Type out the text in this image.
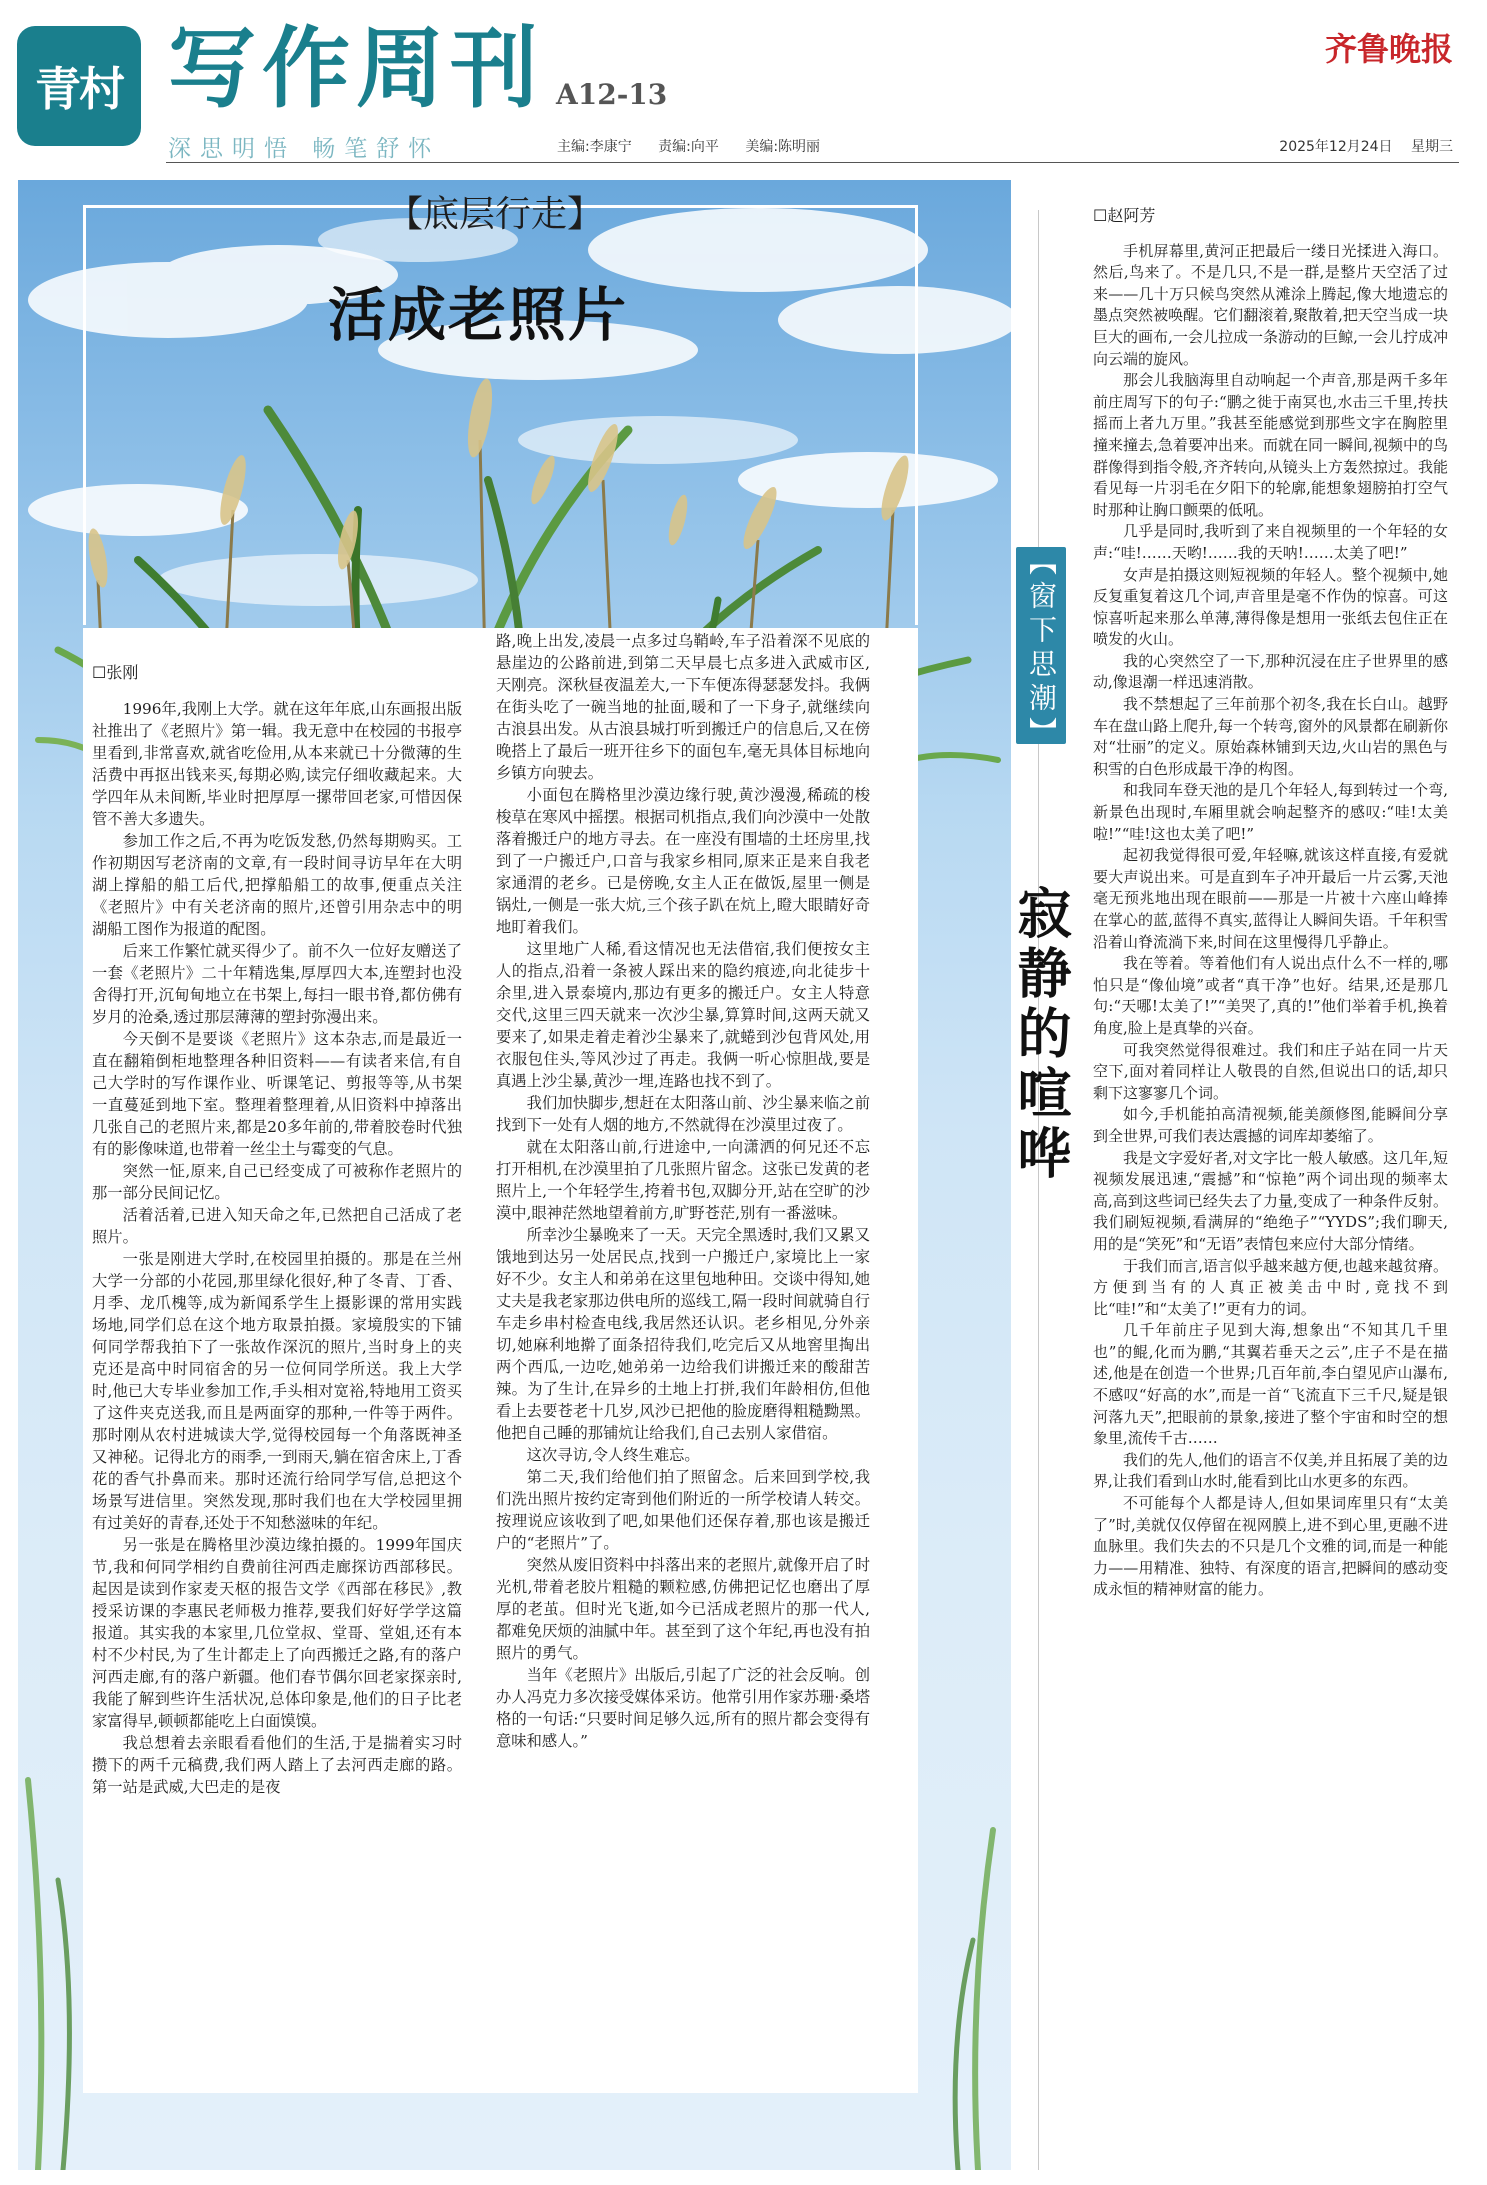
青村 写作周刊 A12-13
齐鲁晚报
深思明悟 畅笔舒怀	主编:李康宁 责编:向平 美编:陈明丽	2025年12月24日 星期三
【底层行走】
活成老照片

☐张刚

1996年,我刚上大学。就在这年年底,山东画报出版社推出了《老照片》第一辑。我无意中在校园的书报亭里看到,非常喜欢,就省吃俭用,从本来就已十分微薄的生活费中再抠出钱来买,每期必购,读完仔细收藏起来。大学四年从未间断,毕业时把厚厚一摞带回老家,可惜因保管不善大多遗失。

参加工作之后,不再为吃饭发愁,仍然每期购买。工作初期因写老济南的文章,有一段时间寻访早年在大明湖上撑船的船工后代,把撑船船工的故事,便重点关注《老照片》中有关老济南的照片,还曾引用杂志中的明湖船工图作为报道的配图。

后来工作繁忙就买得少了。前不久一位好友赠送了一套《老照片》二十年精选集,厚厚四大本,连塑封也没舍得打开,沉甸甸地立在书架上,每扫一眼书脊,都仿佛有岁月的沧桑,透过那层薄薄的塑封弥漫出来。

今天倒不是要谈《老照片》这本杂志,而是最近一直在翻箱倒柜地整理各种旧资料——有读者来信,有自己大学时的写作课作业、听课笔记、剪报等等,从书架一直蔓延到地下室。整理着整理着,从旧资料中掉落出几张自己的老照片来,都是20多年前的,带着胶卷时代独有的影像味道,也带着一丝尘土与霉变的气息。

突然一怔,原来,自己已经变成了可被称作老照片的那一部分民间记忆。

活着活着,已进入知天命之年,已然把自己活成了老照片。

一张是刚进大学时,在校园里拍摄的。那是在兰州大学一分部的小花园,那里绿化很好,种了冬青、丁香、月季、龙爪槐等,成为新闻系学生上摄影课的常用实践场地,同学们总在这个地方取景拍摄。家境殷实的下铺何同学帮我拍下了一张故作深沉的照片,当时身上的夹克还是高中时同宿舍的另一位何同学所送。我上大学时,他已大专毕业参加工作,手头相对宽裕,特地用工资买了这件夹克送我,而且是两面穿的那种,一件等于两件。那时刚从农村进城读大学,觉得校园每一个角落既神圣又神秘。记得北方的雨季,一到雨天,躺在宿舍床上,丁香花的香气扑鼻而来。那时还流行给同学写信,总把这个场景写进信里。突然发现,那时我们也在大学校园里拥有过美好的青春,还处于不知愁滋味的年纪。

另一张是在腾格里沙漠边缘拍摄的。1999年国庆节,我和何同学相约自费前往河西走廊探访西部移民。起因是读到作家麦天枢的报告文学《西部在移民》,教授采访课的李惠民老师极力推荐,要我们好好学学这篇报道。其实我的本家里,几位堂叔、堂哥、堂姐,还有本村不少村民,为了生计都走上了向西搬迁之路,有的落户河西走廊,有的落户新疆。他们春节偶尔回老家探亲时,我能了解到些许生活状况,总体印象是,他们的日子比老家富得早,顿顿都能吃上白面馍馍。

我总想着去亲眼看看他们的生活,于是揣着实习时攒下的两千元稿费,我们两人踏上了去河西走廊的路。第一站是武威,大巴走的是夜

路,晚上出发,凌晨一点多过乌鞘岭,车子沿着深不见底的悬崖边的公路前进,到第二天早晨七点多进入武威市区,天刚亮。深秋昼夜温差大,一下车便冻得瑟瑟发抖。我俩在街头吃了一碗当地的扯面,暖和了一下身子,就继续向古浪县出发。从古浪县城打听到搬迁户的信息后,又在傍晚搭上了最后一班开往乡下的面包车,毫无具体目标地向乡镇方向驶去。

小面包在腾格里沙漠边缘行驶,黄沙漫漫,稀疏的梭梭草在寒风中摇摆。根据司机指点,我们向沙漠中一处散落着搬迁户的地方寻去。在一座没有围墙的土坯房里,找到了一户搬迁户,口音与我家乡相同,原来正是来自我老家通渭的老乡。已是傍晚,女主人正在做饭,屋里一侧是锅灶,一侧是一张大炕,三个孩子趴在炕上,瞪大眼睛好奇地盯着我们。

这里地广人稀,看这情况也无法借宿,我们便按女主人的指点,沿着一条被人踩出来的隐约痕迹,向北徒步十余里,进入景泰境内,那边有更多的搬迁户。女主人特意交代,这里三四天就来一次沙尘暴,算算时间,这两天就又要来了,如果走着走着沙尘暴来了,就蜷到沙包背风处,用衣服包住头,等风沙过了再走。我俩一听心惊胆战,要是真遇上沙尘暴,黄沙一埋,连路也找不到了。

我们加快脚步,想赶在太阳落山前、沙尘暴来临之前找到下一处有人烟的地方,不然就得在沙漠里过夜了。

就在太阳落山前,行进途中,一向潇洒的何兄还不忘打开相机,在沙漠里拍了几张照片留念。这张已发黄的老照片上,一个年轻学生,挎着书包,双脚分开,站在空旷的沙漠中,眼神茫然地望着前方,旷野苍茫,别有一番滋味。

所幸沙尘暴晚来了一天。天完全黑透时,我们又累又饿地到达另一处居民点,找到一户搬迁户,家境比上一家好不少。女主人和弟弟在这里包地种田。交谈中得知,她丈夫是我老家那边供电所的巡线工,隔一段时间就骑自行车走乡串村检查电线,我居然还认识。老乡相见,分外亲切,她麻利地擀了面条招待我们,吃完后又从地窖里掏出两个西瓜,一边吃,她弟弟一边给我们讲搬迁来的酸甜苦辣。为了生计,在异乡的土地上打拼,我们年龄相仿,但他看上去要苍老十几岁,风沙已把他的脸庞磨得粗糙黝黑。他把自己睡的那铺炕让给我们,自己去别人家借宿。

这次寻访,令人终生难忘。

第二天,我们给他们拍了照留念。后来回到学校,我们洗出照片按约定寄到他们附近的一所学校请人转交。按理说应该收到了吧,如果他们还保存着,那也该是搬迁户的“老照片”了。

突然从废旧资料中抖落出来的老照片,就像开启了时光机,带着老胶片粗糙的颗粒感,仿佛把记忆也磨出了厚厚的老茧。但时光飞逝,如今已活成老照片的那一代人,都难免厌烦的油腻中年。甚至到了这个年纪,再也没有拍照片的勇气。

当年《老照片》出版后,引起了广泛的社会反响。创办人冯克力多次接受媒体采访。他常引用作家苏珊·桑塔格的一句话:“只要时间足够久远,所有的照片都会变得有意味和感人。”

【窗下思潮】
寂静的喧哗

☐赵阿芳

手机屏幕里,黄河正把最后一缕日光揉进入海口。然后,鸟来了。不是几只,不是一群,是整片天空活了过来——几十万只候鸟突然从滩涂上腾起,像大地遗忘的墨点突然被唤醒。它们翻滚着,聚散着,把天空当成一块巨大的画布,一会儿拉成一条游动的巨鲸,一会儿拧成冲向云端的旋风。

那会儿我脑海里自动响起一个声音,那是两千多年前庄周写下的句子:“鹏之徙于南冥也,水击三千里,抟扶摇而上者九万里。”我甚至能感觉到那些文字在胸腔里撞来撞去,急着要冲出来。而就在同一瞬间,视频中的鸟群像得到指令般,齐齐转向,从镜头上方轰然掠过。我能看见每一片羽毛在夕阳下的轮廓,能想象翅膀拍打空气时那种让胸口颤栗的低吼。

几乎是同时,我听到了来自视频里的一个年轻的女声:“哇!……天哟!……我的天呐!……太美了吧!”

女声是拍摄这则短视频的年轻人。整个视频中,她反复重复着这几个词,声音里是毫不作伪的惊喜。可这惊喜听起来那么单薄,薄得像是想用一张纸去包住正在喷发的火山。

我的心突然空了一下,那种沉浸在庄子世界里的感动,像退潮一样迅速消散。

我不禁想起了三年前那个初冬,我在长白山。越野车在盘山路上爬升,每一个转弯,窗外的风景都在刷新你对“壮丽”的定义。原始森林铺到天边,火山岩的黑色与积雪的白色形成最干净的构图。

和我同车登天池的是几个年轻人,每到转过一个弯,新景色出现时,车厢里就会响起整齐的感叹:“哇!太美啦!”“哇!这也太美了吧!”

起初我觉得很可爱,年轻嘛,就该这样直接,有爱就要大声说出来。可是直到车子冲开最后一片云雾,天池毫无预兆地出现在眼前——那是一片被十六座山峰捧在掌心的蓝,蓝得不真实,蓝得让人瞬间失语。千年积雪沿着山脊流淌下来,时间在这里慢得几乎静止。

我在等着。等着他们有人说出点什么不一样的,哪怕只是“像仙境”或者“真干净”也好。结果,还是那几句:“天哪!太美了!”“美哭了,真的!”他们举着手机,换着角度,脸上是真挚的兴奋。

可我突然觉得很难过。我们和庄子站在同一片天空下,面对着同样让人敬畏的自然,但说出口的话,却只剩下这寥寥几个词。

如今,手机能拍高清视频,能美颜修图,能瞬间分享到全世界,可我们表达震撼的词库却萎缩了。

我是文字爱好者,对文字比一般人敏感。这几年,短视频发展迅速,“震撼”和“惊艳”两个词出现的频率太高,高到这些词已经失去了力量,变成了一种条件反射。我们刷短视频,看满屏的“绝绝子”“YYDS”;我们聊天,用的是“笑死”和“无语”表情包来应付大部分情绪。

于我们而言,语言似乎越来越方便,也越来越贫瘠。方便到当有的人真正被美击中时,竟找不到比“哇!”和“太美了!”更有力的词。

几千年前庄子见到大海,想象出“不知其几千里也”的鲲,化而为鹏,“其翼若垂天之云”,庄子不是在描述,他是在创造一个世界;几百年前,李白望见庐山瀑布,不感叹“好高的水”,而是一首“飞流直下三千尺,疑是银河落九天”,把眼前的景象,接进了整个宇宙和时空的想象里,流传千古……

我们的先人,他们的语言不仅美,并且拓展了美的边界,让我们看到山水时,能看到比山水更多的东西。

不可能每个人都是诗人,但如果词库里只有“太美了”时,美就仅仅停留在视网膜上,进不到心里,更融不进血脉里。我们失去的不只是几个文雅的词,而是一种能力——用精准、独特、有深度的语言,把瞬间的感动变成永恒的精神财富的能力。
